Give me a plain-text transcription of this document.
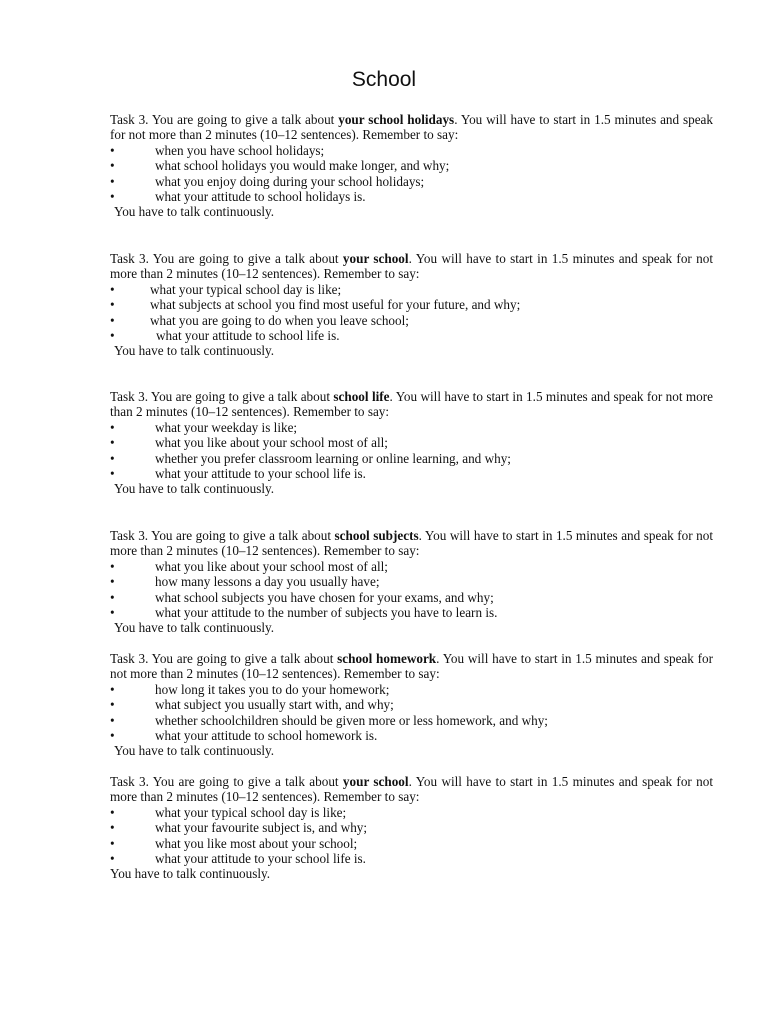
School

Task 3. You are going to give a talk about your school holidays. You will have to start in 1.5 minutes and speak for not more than 2 minutes (10–12 sentences). Remember to say:

•	when you have school holidays;
•	what school holidays you would make longer, and why;
•	what you enjoy doing during your school holidays;
•	what your attitude to school holidays is.

You have to talk continuously.

Task 3. You are going to give a talk about your school. You will have to start in 1.5 minutes and speak for not more than 2 minutes (10–12 sentences). Remember to say:

•	what your typical school day is like;
•	what subjects at school you find most useful for your future, and why;
•	what you are going to do when you leave school;
•	what your attitude to school life is.

You have to talk continuously.

Task 3. You are going to give a talk about school life. You will have to start in 1.5 minutes and speak for not more than 2 minutes (10–12 sentences). Remember to say:

•	what your weekday is like;
•	what you like about your school most of all;
•	whether you prefer classroom learning or online learning, and why;
•	what your attitude to your school life is.

You have to talk continuously.

Task 3. You are going to give a talk about school subjects. You will have to start in 1.5 minutes and speak for not more than 2 minutes (10–12 sentences). Remember to say:

•	what you like about your school most of all;
•	how many lessons a day you usually have;
•	what school subjects you have chosen for your exams, and why;
•	what your attitude to the number of subjects you have to learn is.

You have to talk continuously.

Task 3. You are going to give a talk about school homework. You will have to start in 1.5 minutes and speak for not more than 2 minutes (10–12 sentences). Remember to say:

•	how long it takes you to do your homework;
•	what subject you usually start with, and why;
•	whether schoolchildren should be given more or less homework, and why;
•	what your attitude to school homework is.

You have to talk continuously.

Task 3. You are going to give a talk about your school. You will have to start in 1.5 minutes and speak for not more than 2 minutes (10–12 sentences). Remember to say:

•	what your typical school day is like;
•	what your favourite subject is, and why;
•	what you like most about your school;
•	what your attitude to your school life is.

You have to talk continuously.
